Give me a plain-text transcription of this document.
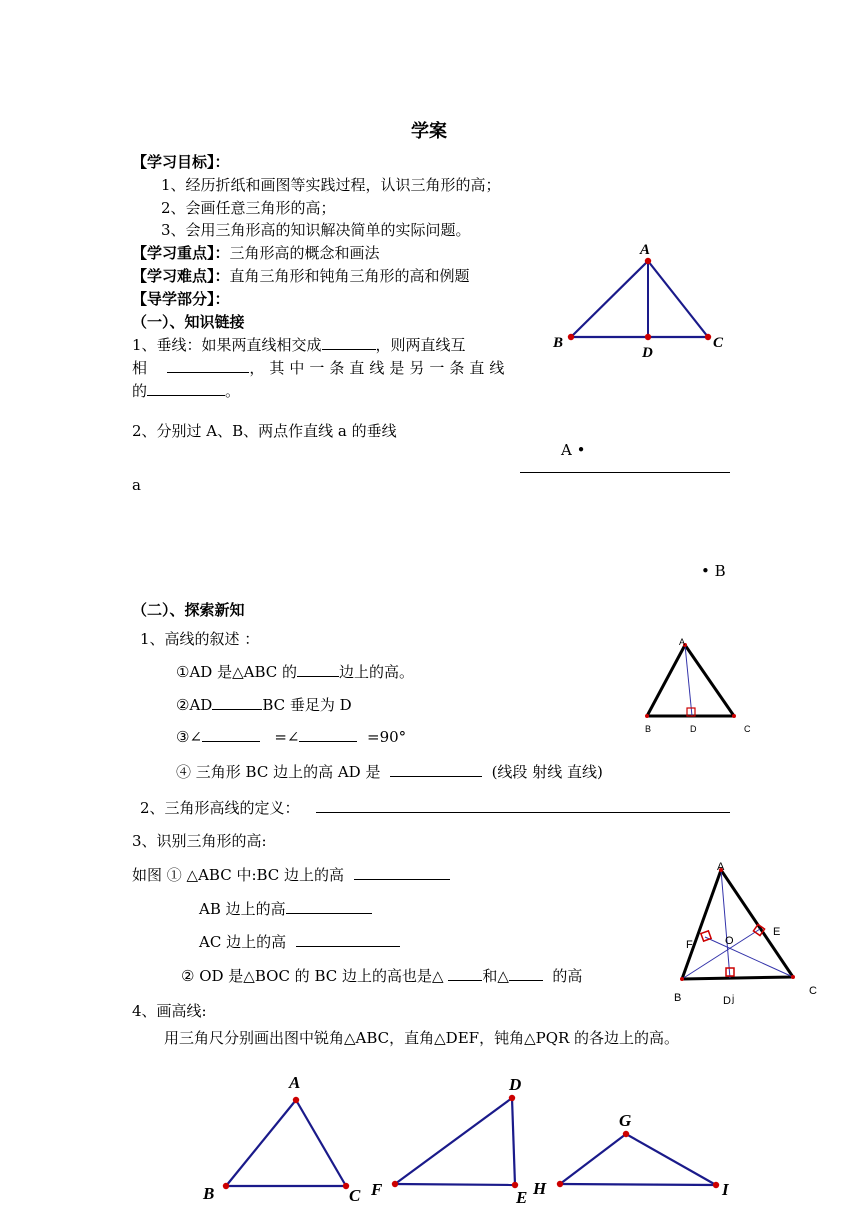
学案
【学习目标】：
1、经历折纸和画图等实践过程，认识三角形的高；
2、会画任意三角形的高；
3、会用三角形高的知识解决简单的实际问题。
【学习重点】：三角形高的概念和画法
【学习难点】：直角三角形和钝角三角形的高和例题
【导学部分】：
（一）、知识链接
1、垂线：如果两直线相交成	，则两直线互
相	，其中一条直线是另一条直线
的	。
2、分别过 A、B、两点作直线 a 的垂线
A •
a
• B
A
B	C
D
（二）、探索新知
1、高线的叙述 ：
①AD 是△ABC 的	边上的高。
②AD	BC 垂足为 D
③∠	=∠	=90°
④ 三角形 BC 边上的高 AD 是	(线段 射线 直线)
A
B	C
D
2、三角形高线的定义：
3、识别三角形的高:
如图 ① △ABC 中:BC 边上的高
AB 边上的高
AC 边上的高
② OD 是△BOC 的 BC 边上的高也是△	和△	的高
A
B
C
D j
E
F	O
4、画高线:
用三角尺分别画出图中锐角△ABC，直角△DEF，钝角△PQR 的各边上的高。
A
B	C
D
F	E
G
H	I
